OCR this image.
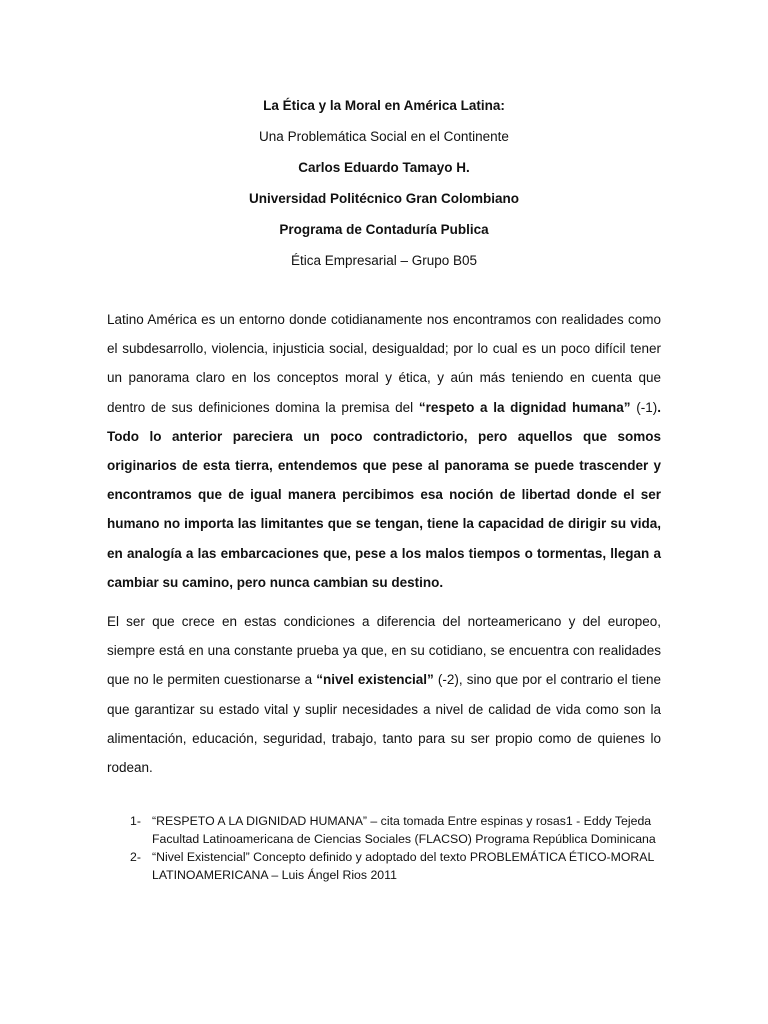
La Ética y la Moral en América Latina:
Una Problemática Social en el Continente
Carlos Eduardo Tamayo H.
Universidad Politécnico Gran Colombiano
Programa de Contaduría Publica
Ética Empresarial – Grupo B05

Latino América es un entorno donde cotidianamente nos encontramos con realidades como el subdesarrollo, violencia, injusticia social, desigualdad; por lo cual es un poco difícil tener un panorama claro en los conceptos moral y ética, y aún más teniendo en cuenta que dentro de sus definiciones domina la premisa del “respeto a la dignidad humana” (-1). Todo lo anterior pareciera un poco contradictorio, pero aquellos que somos originarios de esta tierra, entendemos que pese al panorama se puede trascender y encontramos que de igual manera percibimos esa noción de libertad donde el ser humano no importa las limitantes que se tengan, tiene la capacidad de dirigir su vida, en analogía a las embarcaciones que, pese a los malos tiempos o tormentas, llegan a cambiar su camino, pero nunca cambian su destino.

El ser que crece en estas condiciones a diferencia del norteamericano y del europeo, siempre está en una constante prueba ya que, en su cotidiano, se encuentra con realidades que no le permiten cuestionarse a “nivel existencial” (-2), sino que por el contrario el tiene que garantizar su estado vital y suplir necesidades a nivel de calidad de vida como son la alimentación, educación, seguridad, trabajo, tanto para su ser propio como de quienes lo rodean.

1- “RESPETO A LA DIGNIDAD HUMANA” – cita tomada Entre espinas y rosas1 - Eddy Tejeda Facultad Latinoamericana de Ciencias Sociales (FLACSO) Programa República Dominicana
2- “Nivel Existencial” Concepto definido y adoptado del texto PROBLEMÁTICA ÉTICO-MORAL LATINOAMERICANA – Luis Ángel Rios 2011
